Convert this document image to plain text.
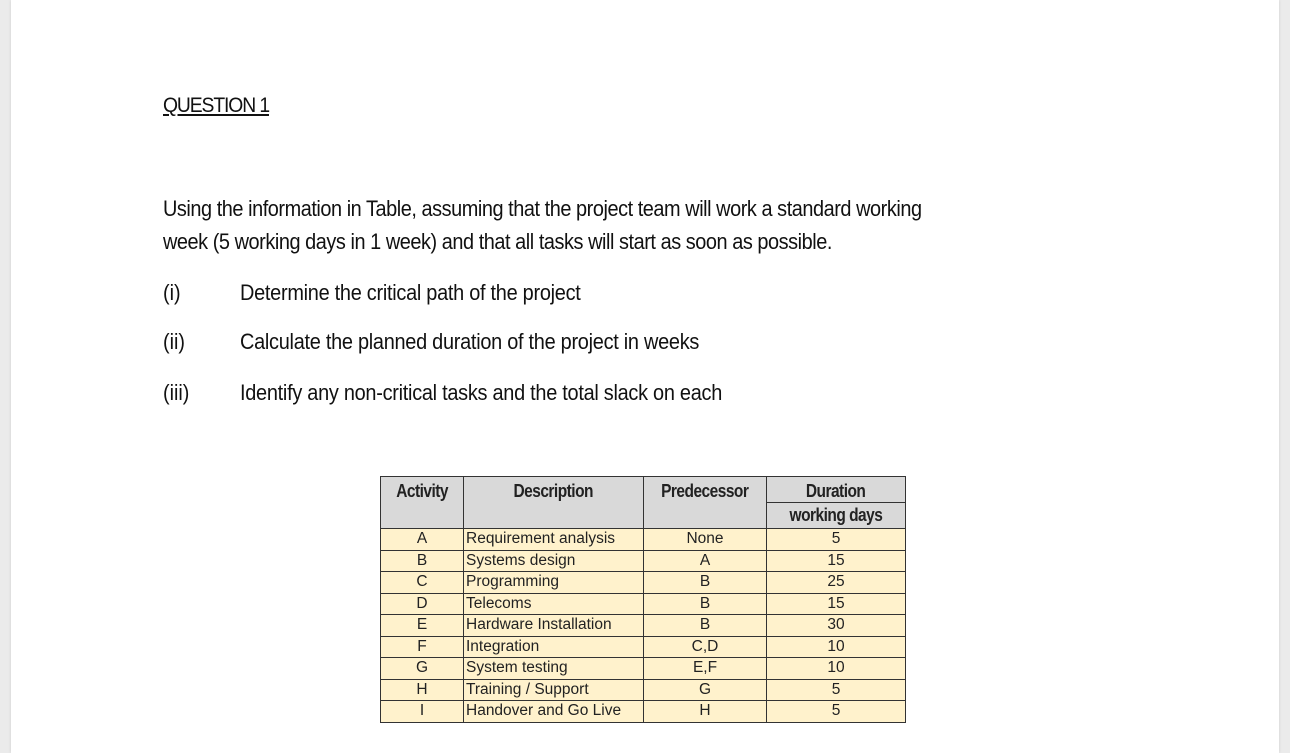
QUESTION 1
Using the information in Table, assuming that the project team will work a standard working
week (5 working days in 1 week) and that all tasks will start as soon as possible.
(i)	Determine the critical path of the project
(ii)	Calculate the planned duration of the project in weeks
(iii) Identify any non-critical tasks and the total slack on each
Activity	Description	Predecessor	Duration
			working days
A	Requirement analysis	None	5
B	Systems design	A	15
C	Programming	B	25
D	Telecoms	B	15
E	Hardware Installation	B	30
F	Integration	C,D	10
G	System testing	E,F	10
H	Training / Support	G	5
I	Handover and Go Live	H	5
